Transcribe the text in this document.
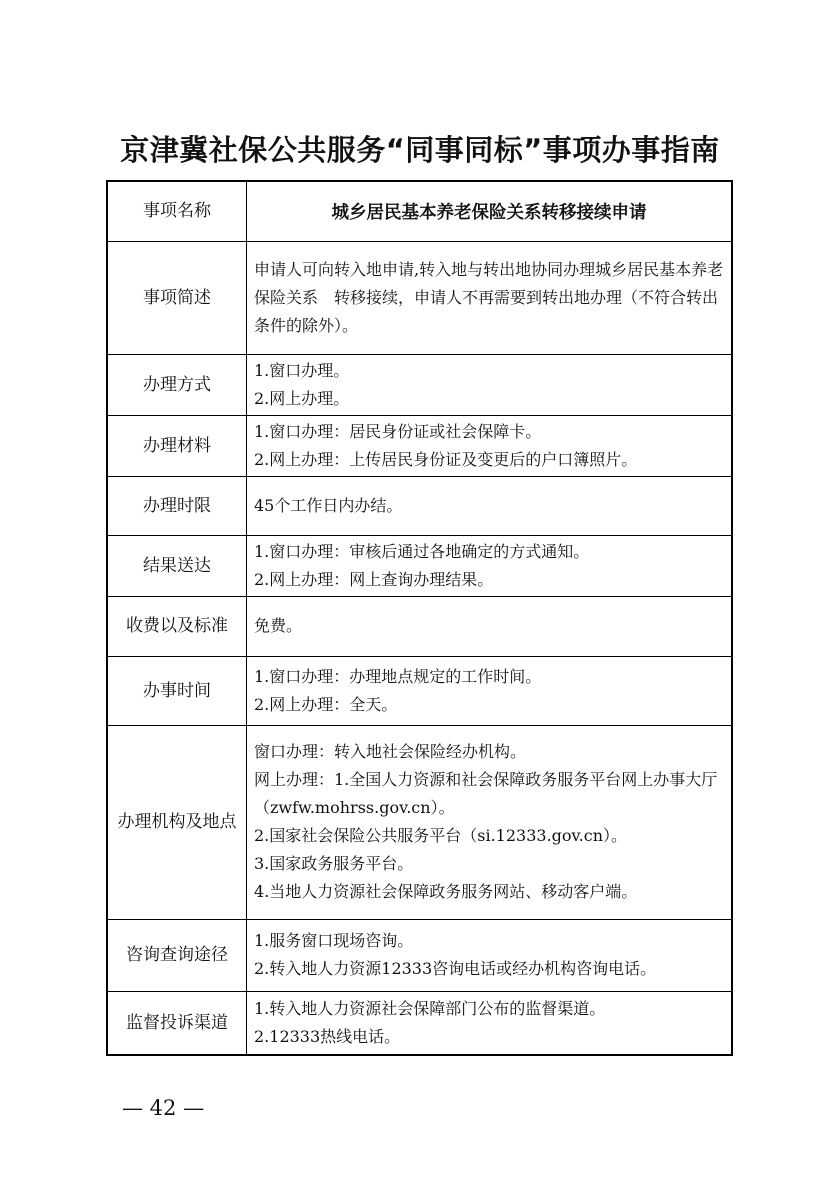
京津冀社保公共服务“同事同标”事项办事指南
事项名称	城乡居民基本养老保险关系转移接续申请
事项简述	申请人可向转入地申请,转入地与转出地协同办理城乡居民基本养老保险关系　转移接续，申请人不再需要到转出地办理（不符合转出条件的除外）。

办理方式	1.窗口办理。
2.网上办理。

办理材料	1.窗口办理：居民身份证或社会保障卡。
2.网上办理：上传居民身份证及变更后的户口簿照片。

办理时限	45个工作日内办结。

结果送达	1.窗口办理：审核后通过各地确定的方式通知。
2.网上办理：网上查询办理结果。

收费以及标准	免费。

办事时间	1.窗口办理：办理地点规定的工作时间。
2.网上办理：全天。

办理机构及地点	窗口办理：转入地社会保险经办机构。
网上办理：1.全国人力资源和社会保障政务服务平台网上办事大厅（zwfw.mohrss.gov.cn）。
2.国家社会保险公共服务平台（si.12333.gov.cn）。
3.国家政务服务平台。
4.当地人力资源社会保障政务服务网站、移动客户端。

咨询查询途径	1.服务窗口现场咨询。
2.转入地人力资源12333咨询电话或经办机构咨询电话。

监督投诉渠道	1.转入地人力资源社会保障部门公布的监督渠道。
2.12333热线电话。
— 42 —
